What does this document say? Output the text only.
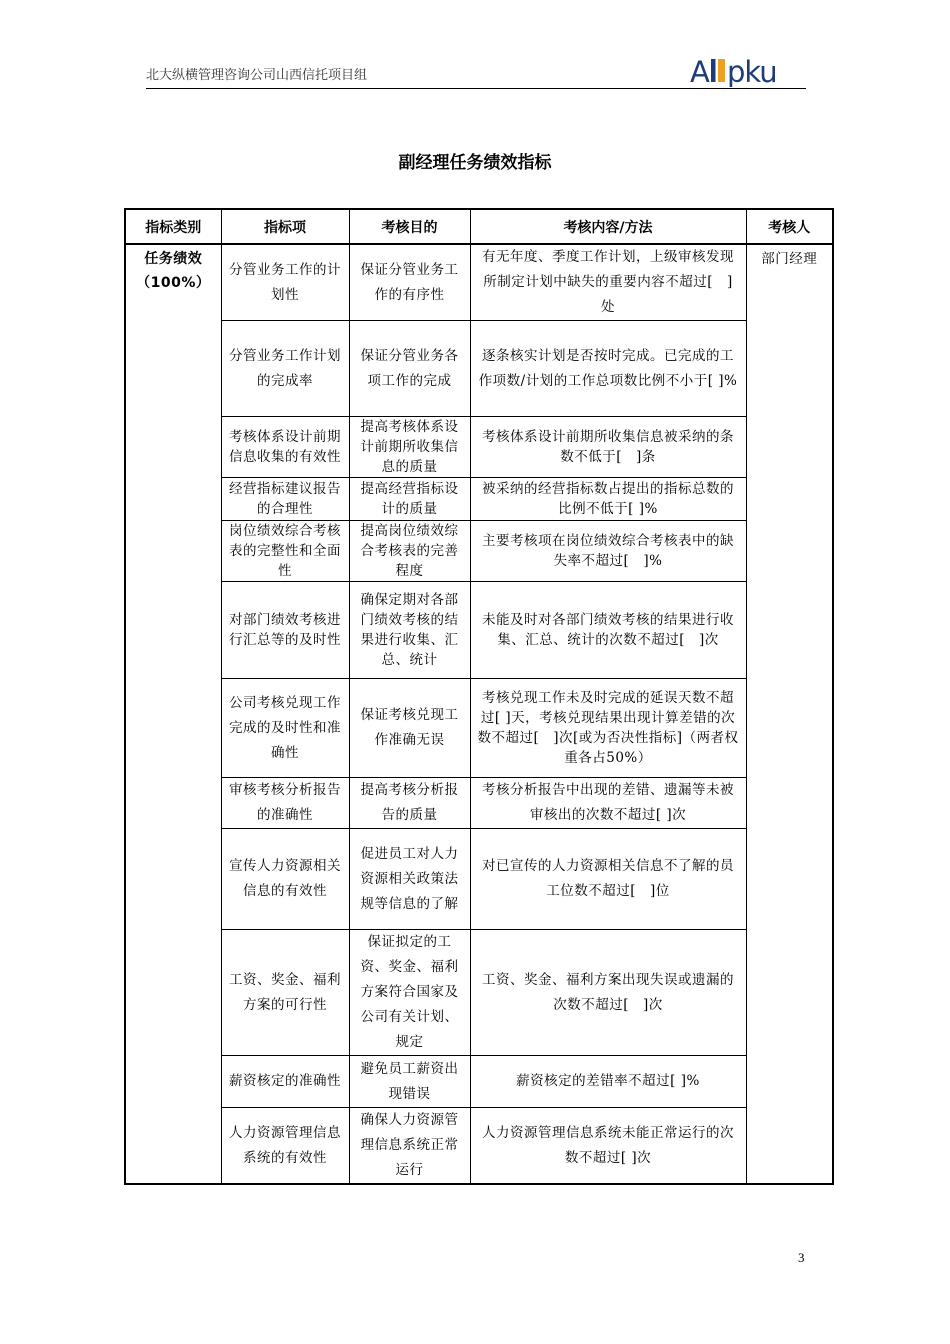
北大纵横管理咨询公司山西信托项目组	A pku
副经理任务绩效指标
指标类别	指标项	考核目的	考核内容/方法	考核人

任务绩效
（100%）	分管业务工作的计划性	保证分管业务工作的有序性	有无年度、季度工作计划，上级审核发现所制定计划中缺失的重要内容不超过[　]处	部门经理
	分管业务工作计划的完成率	保证分管业务各项工作的完成	逐条核实计划是否按时完成。已完成的工作项数/计划的工作总项数比例不小于[ ]%	
	考核体系设计前期信息收集的有效性	提高考核体系设计前期所收集信息的质量	考核体系设计前期所收集信息被采纳的条数不低于[　]条	
	经营指标建议报告的合理性	提高经营指标设计的质量	被采纳的经营指标数占提出的指标总数的比例不低于[ ]%	
	岗位绩效综合考核表的完整性和全面性	提高岗位绩效综合考核表的完善程度	主要考核项在岗位绩效综合考核表中的缺失率不超过[　]%	
	对部门绩效考核进行汇总等的及时性	确保定期对各部门绩效考核的结果进行收集、汇总、统计	未能及时对各部门绩效考核的结果进行收集、汇总、统计的次数不超过[　]次	
	公司考核兑现工作完成的及时性和准确性	保证考核兑现工作准确无误	考核兑现工作未及时完成的延误天数不超过[ ]天，考核兑现结果出现计算差错的次数不超过[　]次[或为否决性指标]（两者权重各占50%）	
	审核考核分析报告的准确性	提高考核分析报告的质量	考核分析报告中出现的差错、遗漏等未被审核出的次数不超过[ ]次	
	宣传人力资源相关信息的有效性	促进员工对人力资源相关政策法规等信息的了解	对已宣传的人力资源相关信息不了解的员工位数不超过[　]位	
	工资、奖金、福利方案的可行性	保证拟定的工资、奖金、福利方案符合国家及公司有关计划、规定	工资、奖金、福利方案出现失误或遗漏的次数不超过[　]次	
	薪资核定的准确性	避免员工薪资出现错误	薪资核定的差错率不超过[ ]%	
	人力资源管理信息系统的有效性	确保人力资源管理信息系统正常运行	人力资源管理信息系统未能正常运行的次数不超过[ ]次	
3
